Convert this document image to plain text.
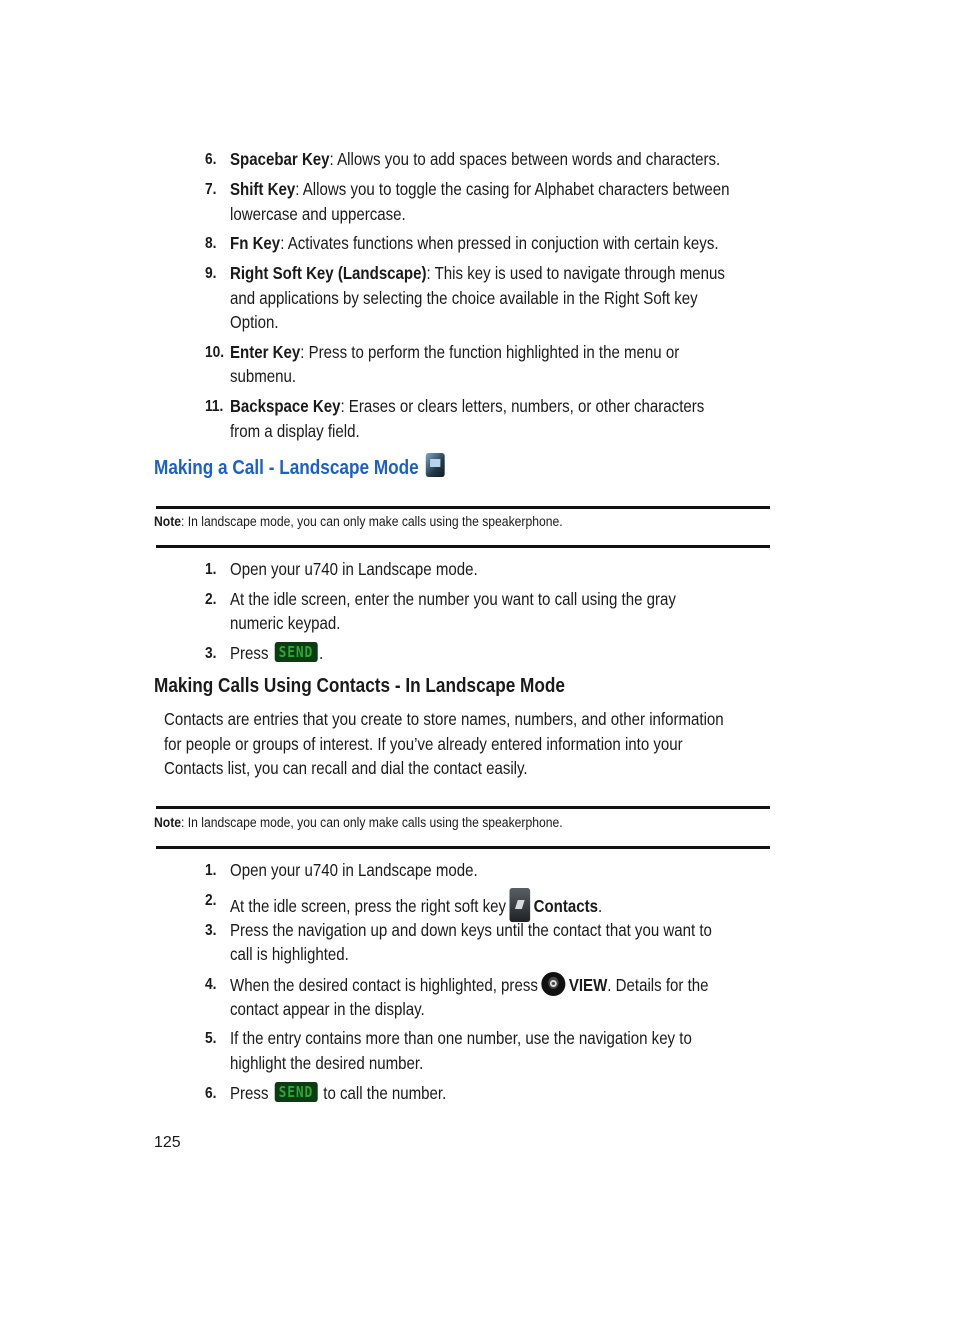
6. Spacebar Key: Allows you to add spaces between words and characters.
7. Shift Key: Allows you to toggle the casing for Alphabet characters between
lowercase and uppercase.
8. Fn Key: Activates functions when pressed in conjuction with certain keys.
9. Right Soft Key (Landscape): This key is used to navigate through menus
and applications by selecting the choice available in the Right Soft key
Option.
10. Enter Key: Press to perform the function highlighted in the menu or
submenu.
11. Backspace Key: Erases or clears letters, numbers, or other characters
from a display field.
Making a Call - Landscape Mode
Note: In landscape mode, you can only make calls using the speakerphone.
1. Open your u740 in Landscape mode.
2. At the idle screen, enter the number you want to call using the gray
numeric keypad.
3. Press SEND .
Making Calls Using Contacts - In Landscape Mode
Contacts are entries that you create to store names, numbers, and other information
for people or groups of interest. If you’ve already entered information into your
Contacts list, you can recall and dial the contact easily.
Note: In landscape mode, you can only make calls using the speakerphone.
1. Open your u740 in Landscape mode.
2. At the idle screen, press the right soft key Contacts.
3. Press the navigation up and down keys until the contact that you want to
call is highlighted.
4. When the desired contact is highlighted, press VIEW. Details for the
contact appear in the display.
5. If the entry contains more than one number, use the navigation key to
highlight the desired number.
6. Press SEND to call the number.
125
